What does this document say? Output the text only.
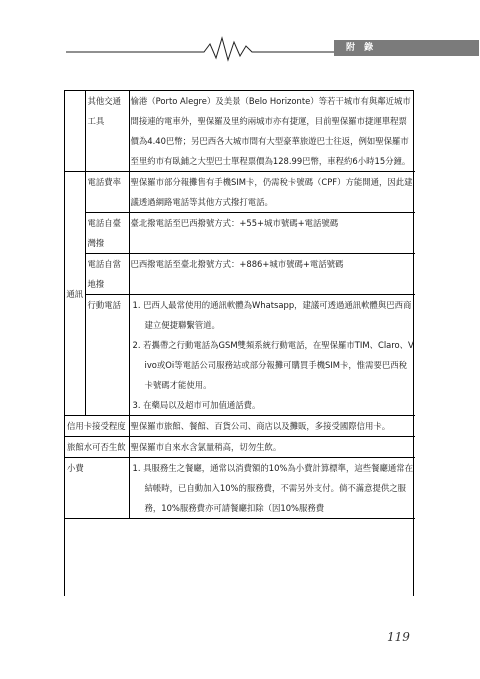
附 錄
	其他交通工具	愉港（Porto Alegre）及美景（Belo Horizonte）等若干城市有與鄰近城市間接連的電車外，聖保羅及里約兩城市亦有捷運，目前聖保羅市捷運單程票價為4.40巴幣；另巴西各大城市間有大型豪華旅遊巴士往返，例如聖保羅市至里約市有臥鋪之大型巴士單程票價為128.99巴幣，車程約6小時15分鐘。
通訊	電話費率	聖保羅市部分報攤售有手機SIM卡，仍需稅卡號碼（CPF）方能開通，因此建議透過網路電話等其他方式撥打電話。
	電話自臺灣撥	臺北撥電話至巴西撥號方式：+55+城市號碼+電話號碼
	電話自當地撥	巴西撥電話至臺北撥號方式：+886+城市號碼+電話號碼
	行動電話	1. 巴西人最常使用的通訊軟體為Whatsapp，建議可透過通訊軟體與巴西商建立便捷聯繫管道。
2. 若攜帶之行動電話為GSM雙頻系統行動電話，在聖保羅市TIM、Claro、Vivo或Oi等電話公司服務站或部分報攤可購買手機SIM卡，惟需要巴西稅卡號碼才能使用。
3. 在藥局以及超市可加值通話費。

信用卡接受程度		聖保羅市旅館、餐館、百貨公司、商店以及攤販，多接受國際信用卡。
旅館水可否生飲		聖保羅市自來水含氯量稍高，切勿生飲。
小費		1. 具服務生之餐廳，通常以消費額的10%為小費計算標準，這些餐廳通常在結帳時，已自動加入10%的服務費，不需另外支付。倘不滿意提供之服務，10%服務費亦可請餐廳扣除（因10%服務費
119
